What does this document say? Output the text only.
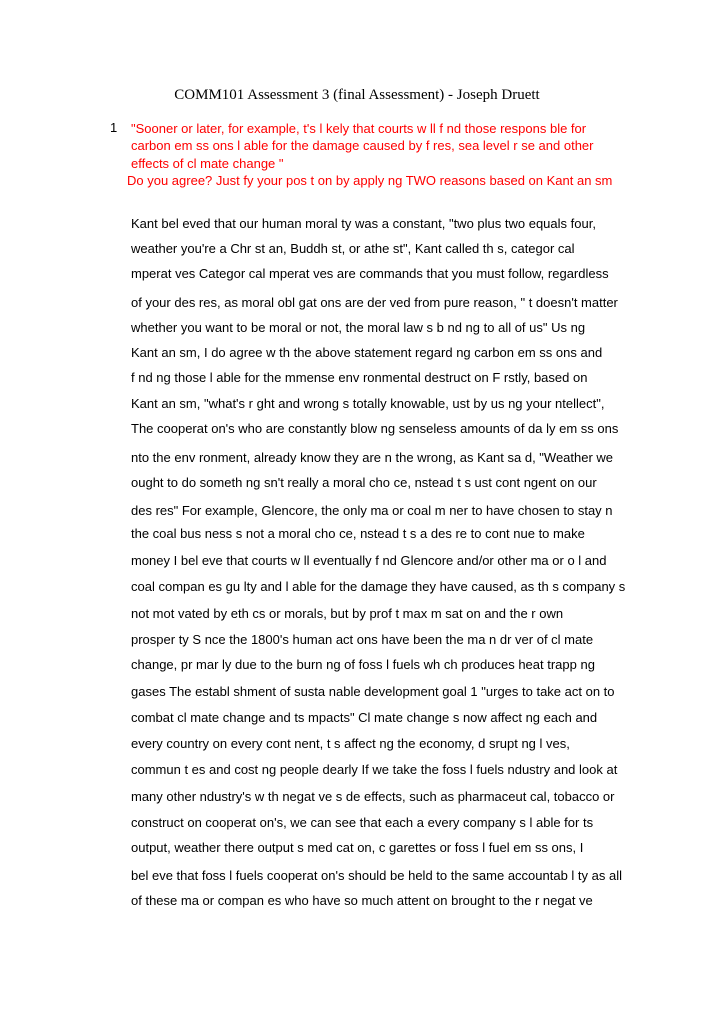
COMM101 Assessment 3 (final Assessment) - Joseph Druett
1 "Sooner or later, for example, t's l kely that courts w ll f nd those respons ble for
carbon em ss ons l able for the damage caused by f res, sea level r se and other
effects of cl mate change "
Do you agree? Just fy your pos t on by apply ng TWO reasons based on Kant an sm
Kant bel eved that our human moral ty was a constant, "two plus two equals four,
weather you're a Chr st an, Buddh st, or athe st", Kant called th s, categor cal
mperat ves Categor cal mperat ves are commands that you must follow, regardless
of your des res, as moral obl gat ons are der ved from pure reason, " t doesn't matter
whether you want to be moral or not, the moral law s b nd ng to all of us" Us ng
Kant an sm, I do agree w th the above statement regard ng carbon em ss ons and
f nd ng those l able for the mmense env ronmental destruct on F rstly, based on
Kant an sm, "what's r ght and wrong s totally knowable, ust by us ng your ntellect",
The cooperat on's who are constantly blow ng senseless amounts of da ly em ss ons
nto the env ronment, already know they are n the wrong, as Kant sa d, "Weather we
ought to do someth ng sn't really a moral cho ce, nstead t s ust cont ngent on our
des res" For example, Glencore, the only ma or coal m ner to have chosen to stay n
the coal bus ness s not a moral cho ce, nstead t s a des re to cont nue to make
money I bel eve that courts w ll eventually f nd Glencore and/or other ma or o l and
coal compan es gu lty and l able for the damage they have caused, as th s company s
not mot vated by eth cs or morals, but by prof t max m sat on and the r own
prosper ty S nce the 1800's human act ons have been the ma n dr ver of cl mate
change, pr mar ly due to the burn ng of foss l fuels wh ch produces heat trapp ng
gases The establ shment of susta nable development goal 1 "urges to take act on to
combat cl mate change and ts mpacts" Cl mate change s now affect ng each and
every country on every cont nent, t s affect ng the economy, d srupt ng l ves,
commun t es and cost ng people dearly If we take the foss l fuels ndustry and look at
many other ndustry's w th negat ve s de effects, such as pharmaceut cal, tobacco or
construct on cooperat on's, we can see that each a every company s l able for ts
output, weather there output s med cat on, c garettes or foss l fuel em ss ons, I
bel eve that foss l fuels cooperat on's should be held to the same accountab l ty as all
of these ma or compan es who have so much attent on brought to the r negat ve
